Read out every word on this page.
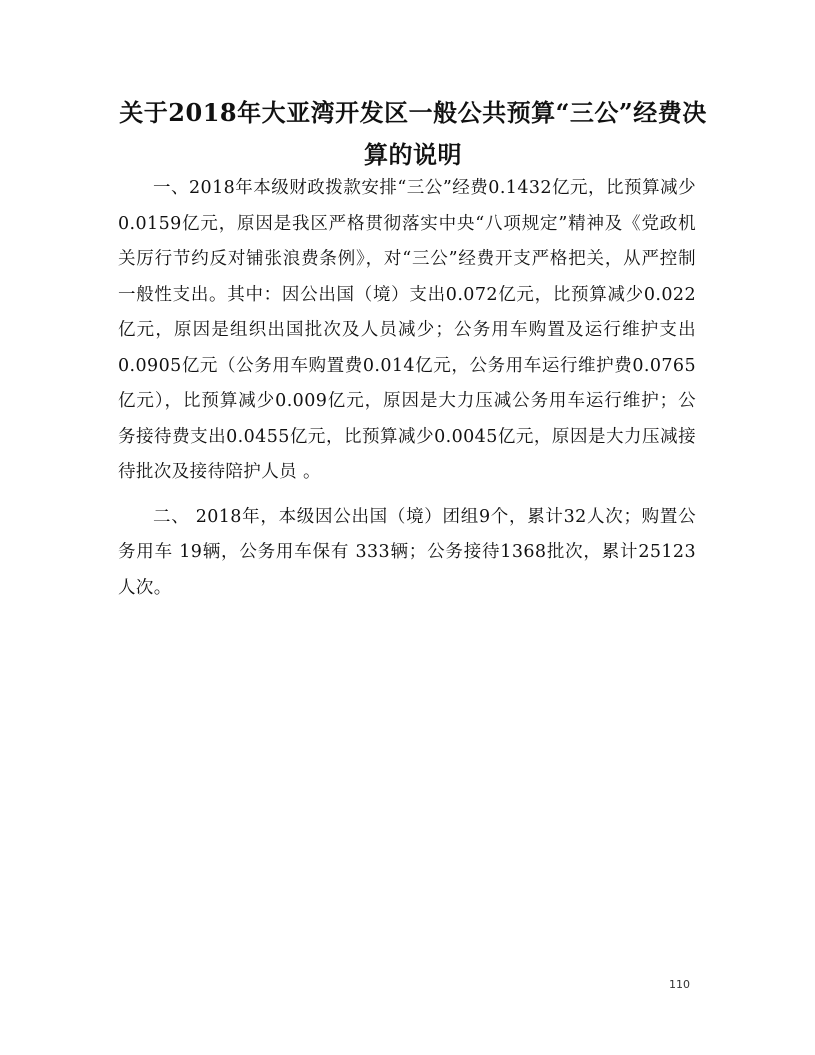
关于2018年大亚湾开发区一般公共预算“三公”经费决算的说明

一、2018年本级财政拨款安排“三公”经费0.1432亿元，比预算减少0.0159亿元，原因是我区严格贯彻落实中央“八项规定”精神及《党政机关厉行节约反对铺张浪费条例》，对“三公”经费开支严格把关，从严控制一般性支出。其中：因公出国（境）支出0.072亿元，比预算减少0.022亿元，原因是组织出国批次及人员减少；公务用车购置及运行维护支出0.0905亿元（公务用车购置费0.014亿元，公务用车运行维护费0.0765亿元），比预算减少0.009亿元，原因是大力压减公务用车运行维护；公务接待费支出0.0455亿元，比预算减少0.0045亿元，原因是大力压减接待批次及接待陪护人员 。

二、 2018年，本级因公出国（境）团组9个，累计32人次；购置公务用车 19辆，公务用车保有 333辆；公务接待1368批次，累计25123人次。

110
